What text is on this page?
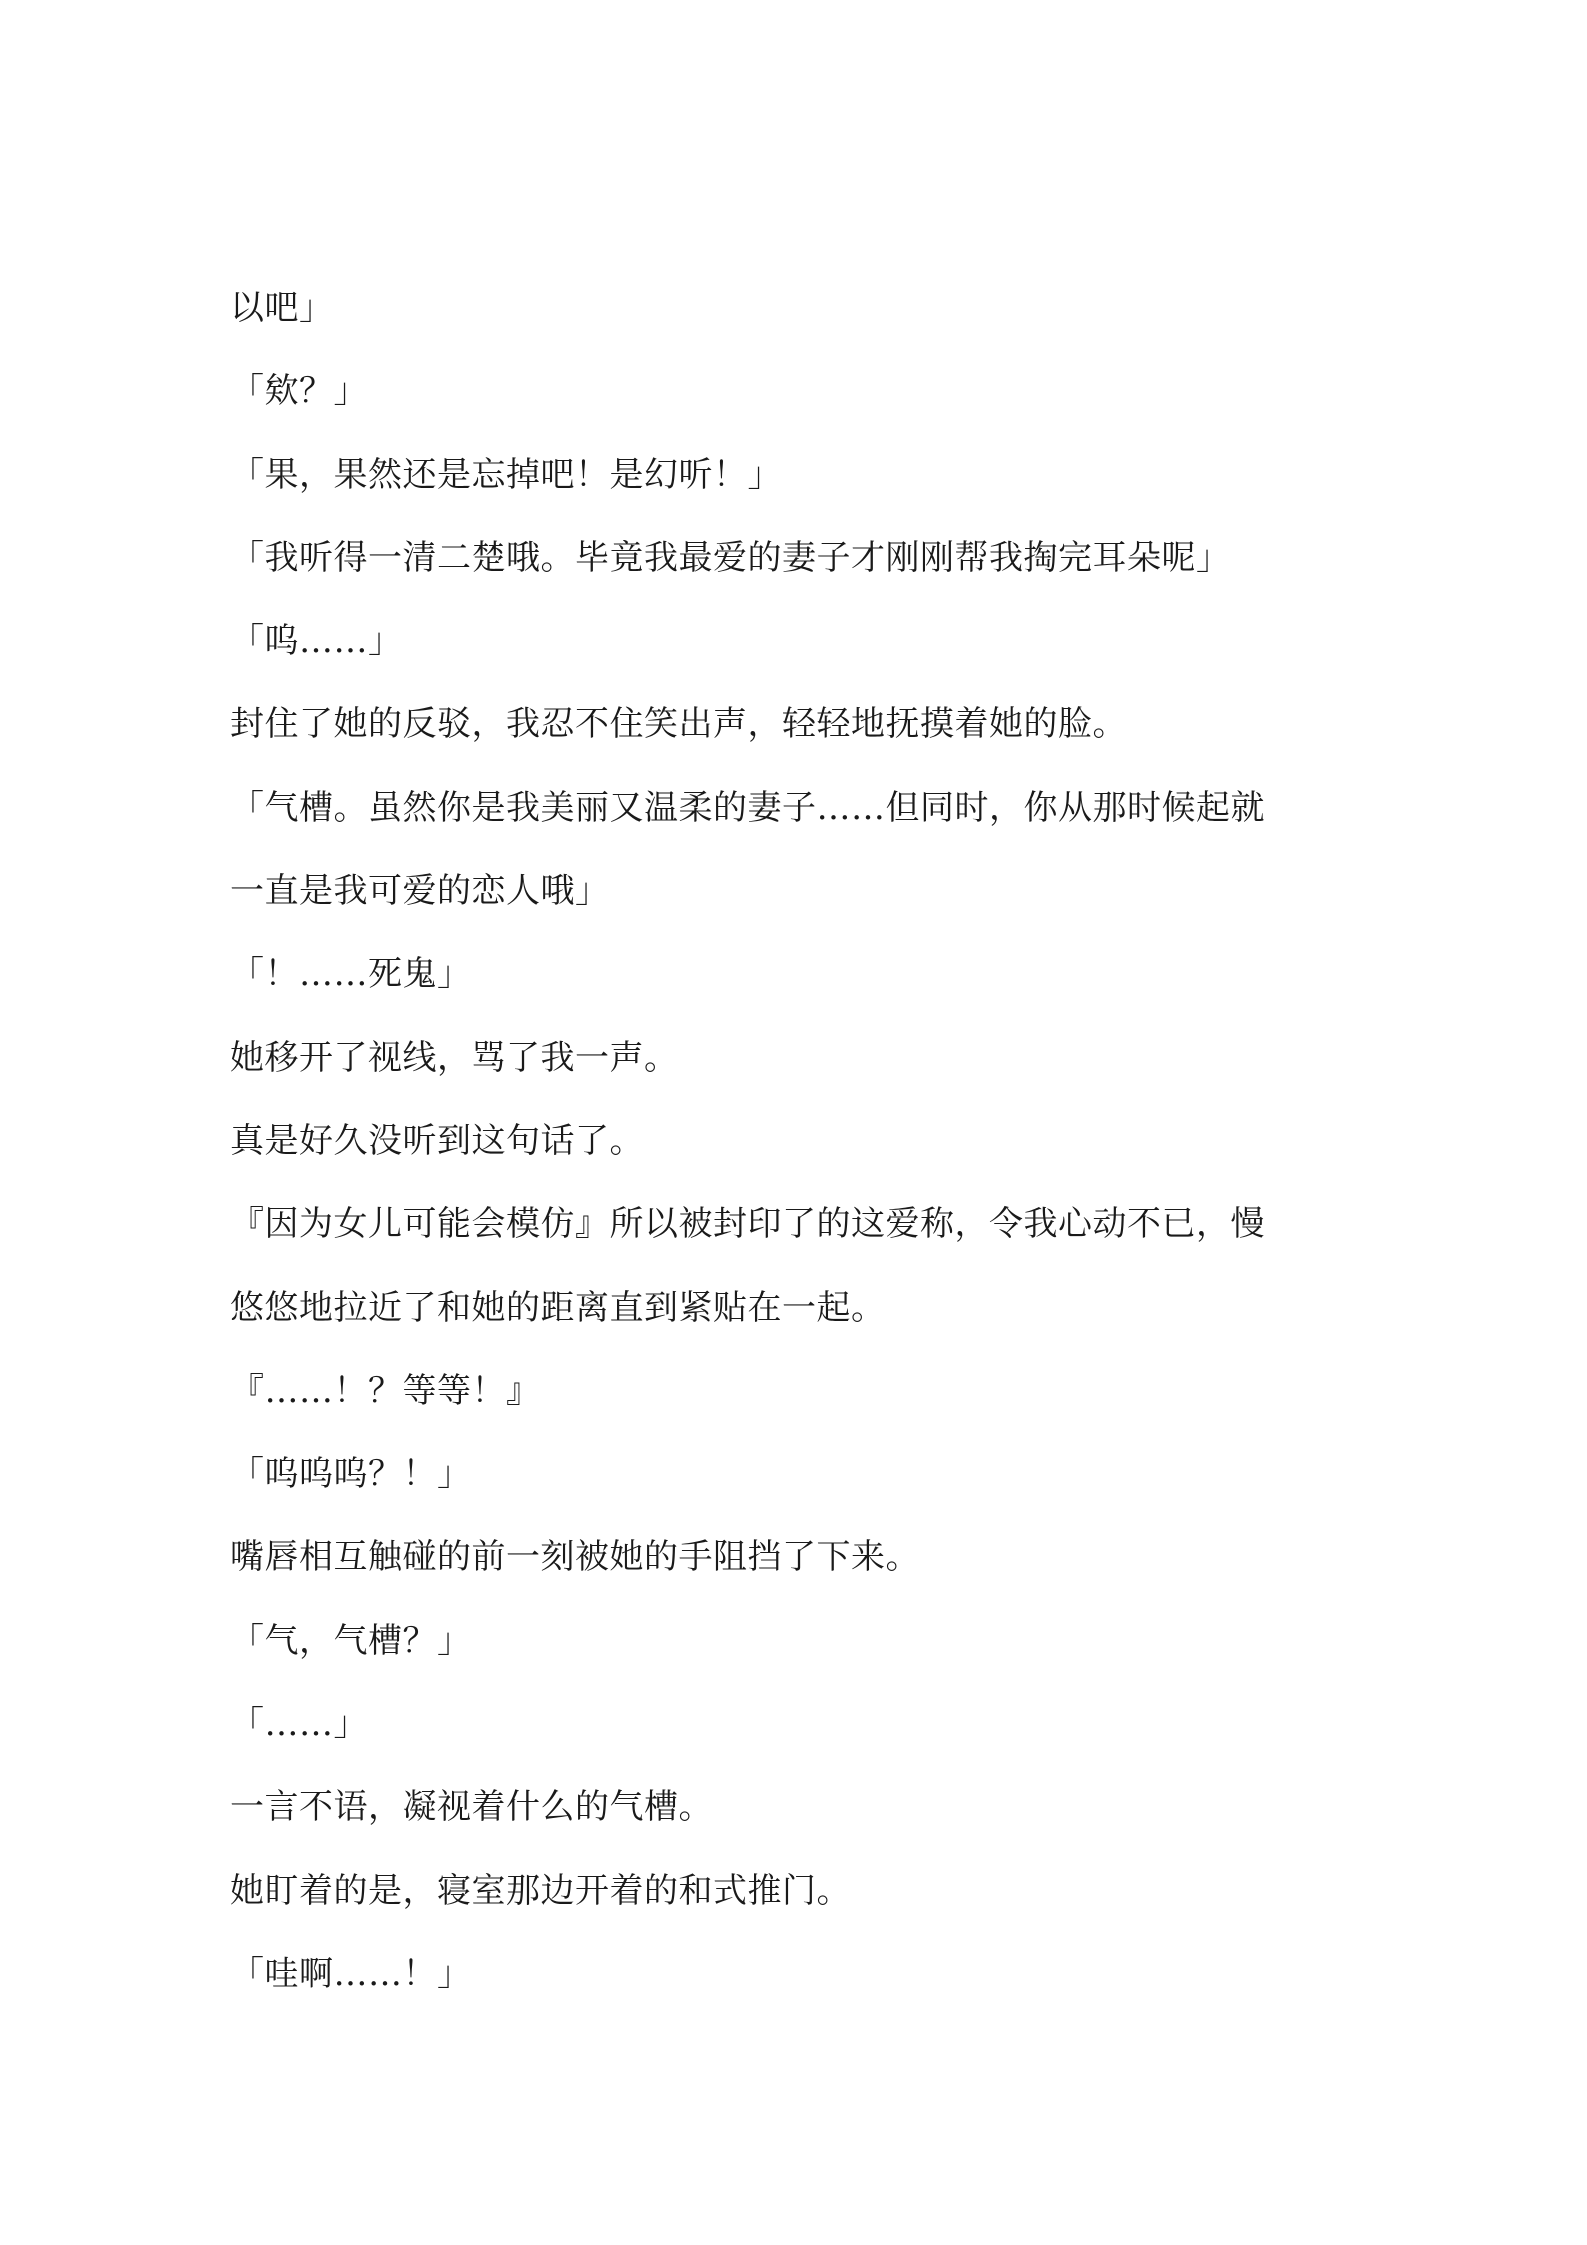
以吧」
「欸？」
「果，果然还是忘掉吧！是幻听！」
「我听得一清二楚哦。毕竟我最爱的妻子才刚刚帮我掏完耳朵呢」
「呜……」
封住了她的反驳，我忍不住笑出声，轻轻地抚摸着她的脸。
「气槽。虽然你是我美丽又温柔的妻子……但同时，你从那时候起就
一直是我可爱的恋人哦」
「！……死鬼」
她移开了视线，骂了我一声。
真是好久没听到这句话了。
『因为女儿可能会模仿』所以被封印了的这爱称，令我心动不已，慢
悠悠地拉近了和她的距离直到紧贴在一起。
『……！？等等！』
「呜呜呜？！」
嘴唇相互触碰的前一刻被她的手阻挡了下来。
「气，气槽？」
「……」
一言不语，凝视着什么的气槽。
她盯着的是，寝室那边开着的和式推门。
「哇啊……！」
